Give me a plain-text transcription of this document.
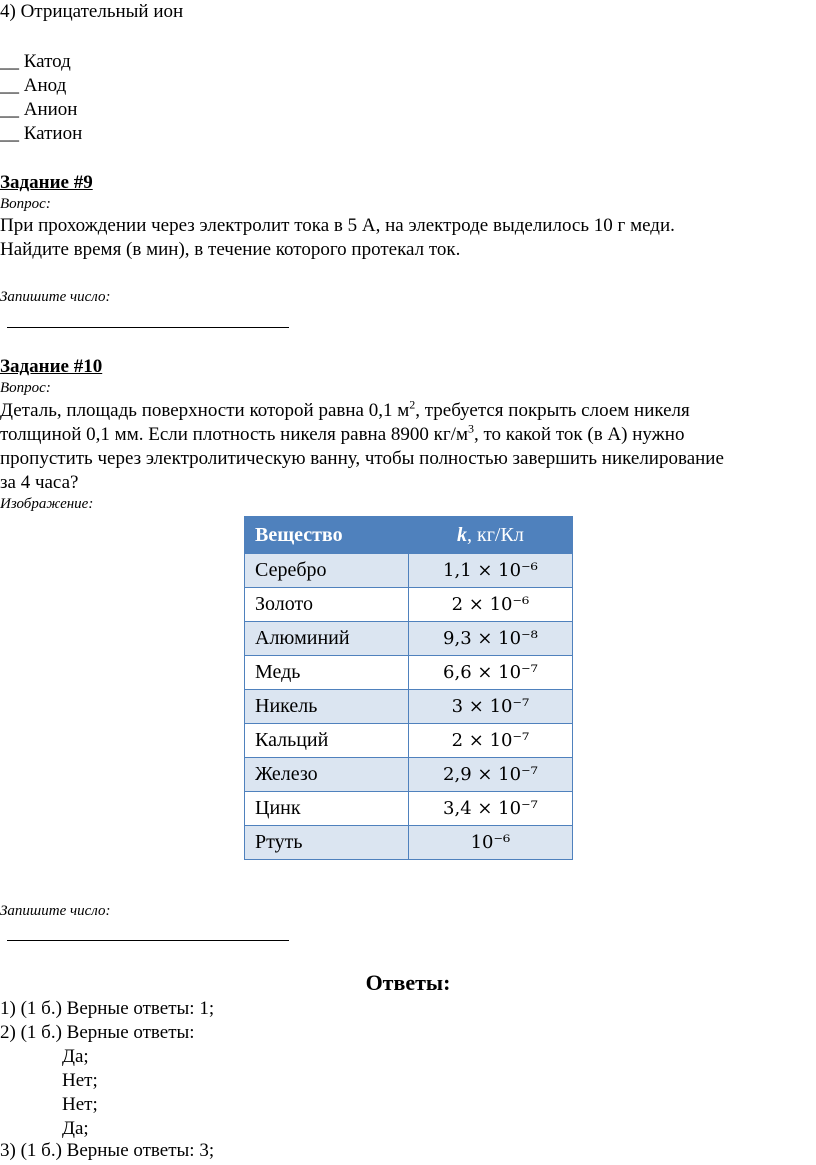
4) Отрицательный ион
__ Катод
__ Анод
__ Анион
__ Катион
Задание #9
Вопрос:
При прохождении через электролит тока в 5 А, на электроде выделилось 10 г меди.
Найдите время (в мин), в течение которого протекал ток.
Запишите число:
Задание #10
Вопрос:
Деталь, площадь поверхности которой равна 0,1 $м^2$, требуется покрыть слоем никеля
толщиной 0,1 мм. Если плотность никеля равна 8900 $кг/м^3$, то какой ток (в А) нужно
пропустить через электролитическую ванну, чтобы полностью завершить никелирование
за 4 часа?
Изображение:
Вещество	k, кг/Кл
Серебро	1,1 × 10⁻⁶
Золото	2 × 10⁻⁶
Алюминий	9,3 × 10⁻⁸
Медь	6,6 × 10⁻⁷
Никель	3 × 10⁻⁷
Кальций	2 × 10⁻⁷
Железо	2,9 × 10⁻⁷
Цинк	3,4 × 10⁻⁷
Ртуть	10⁻⁶
Запишите число:
Ответы:
1) (1 б.) Верные ответы: 1;
2) (1 б.) Верные ответы:
Да;
Нет;
Нет;
Да;
3) (1 б.) Верные ответы: 3;
